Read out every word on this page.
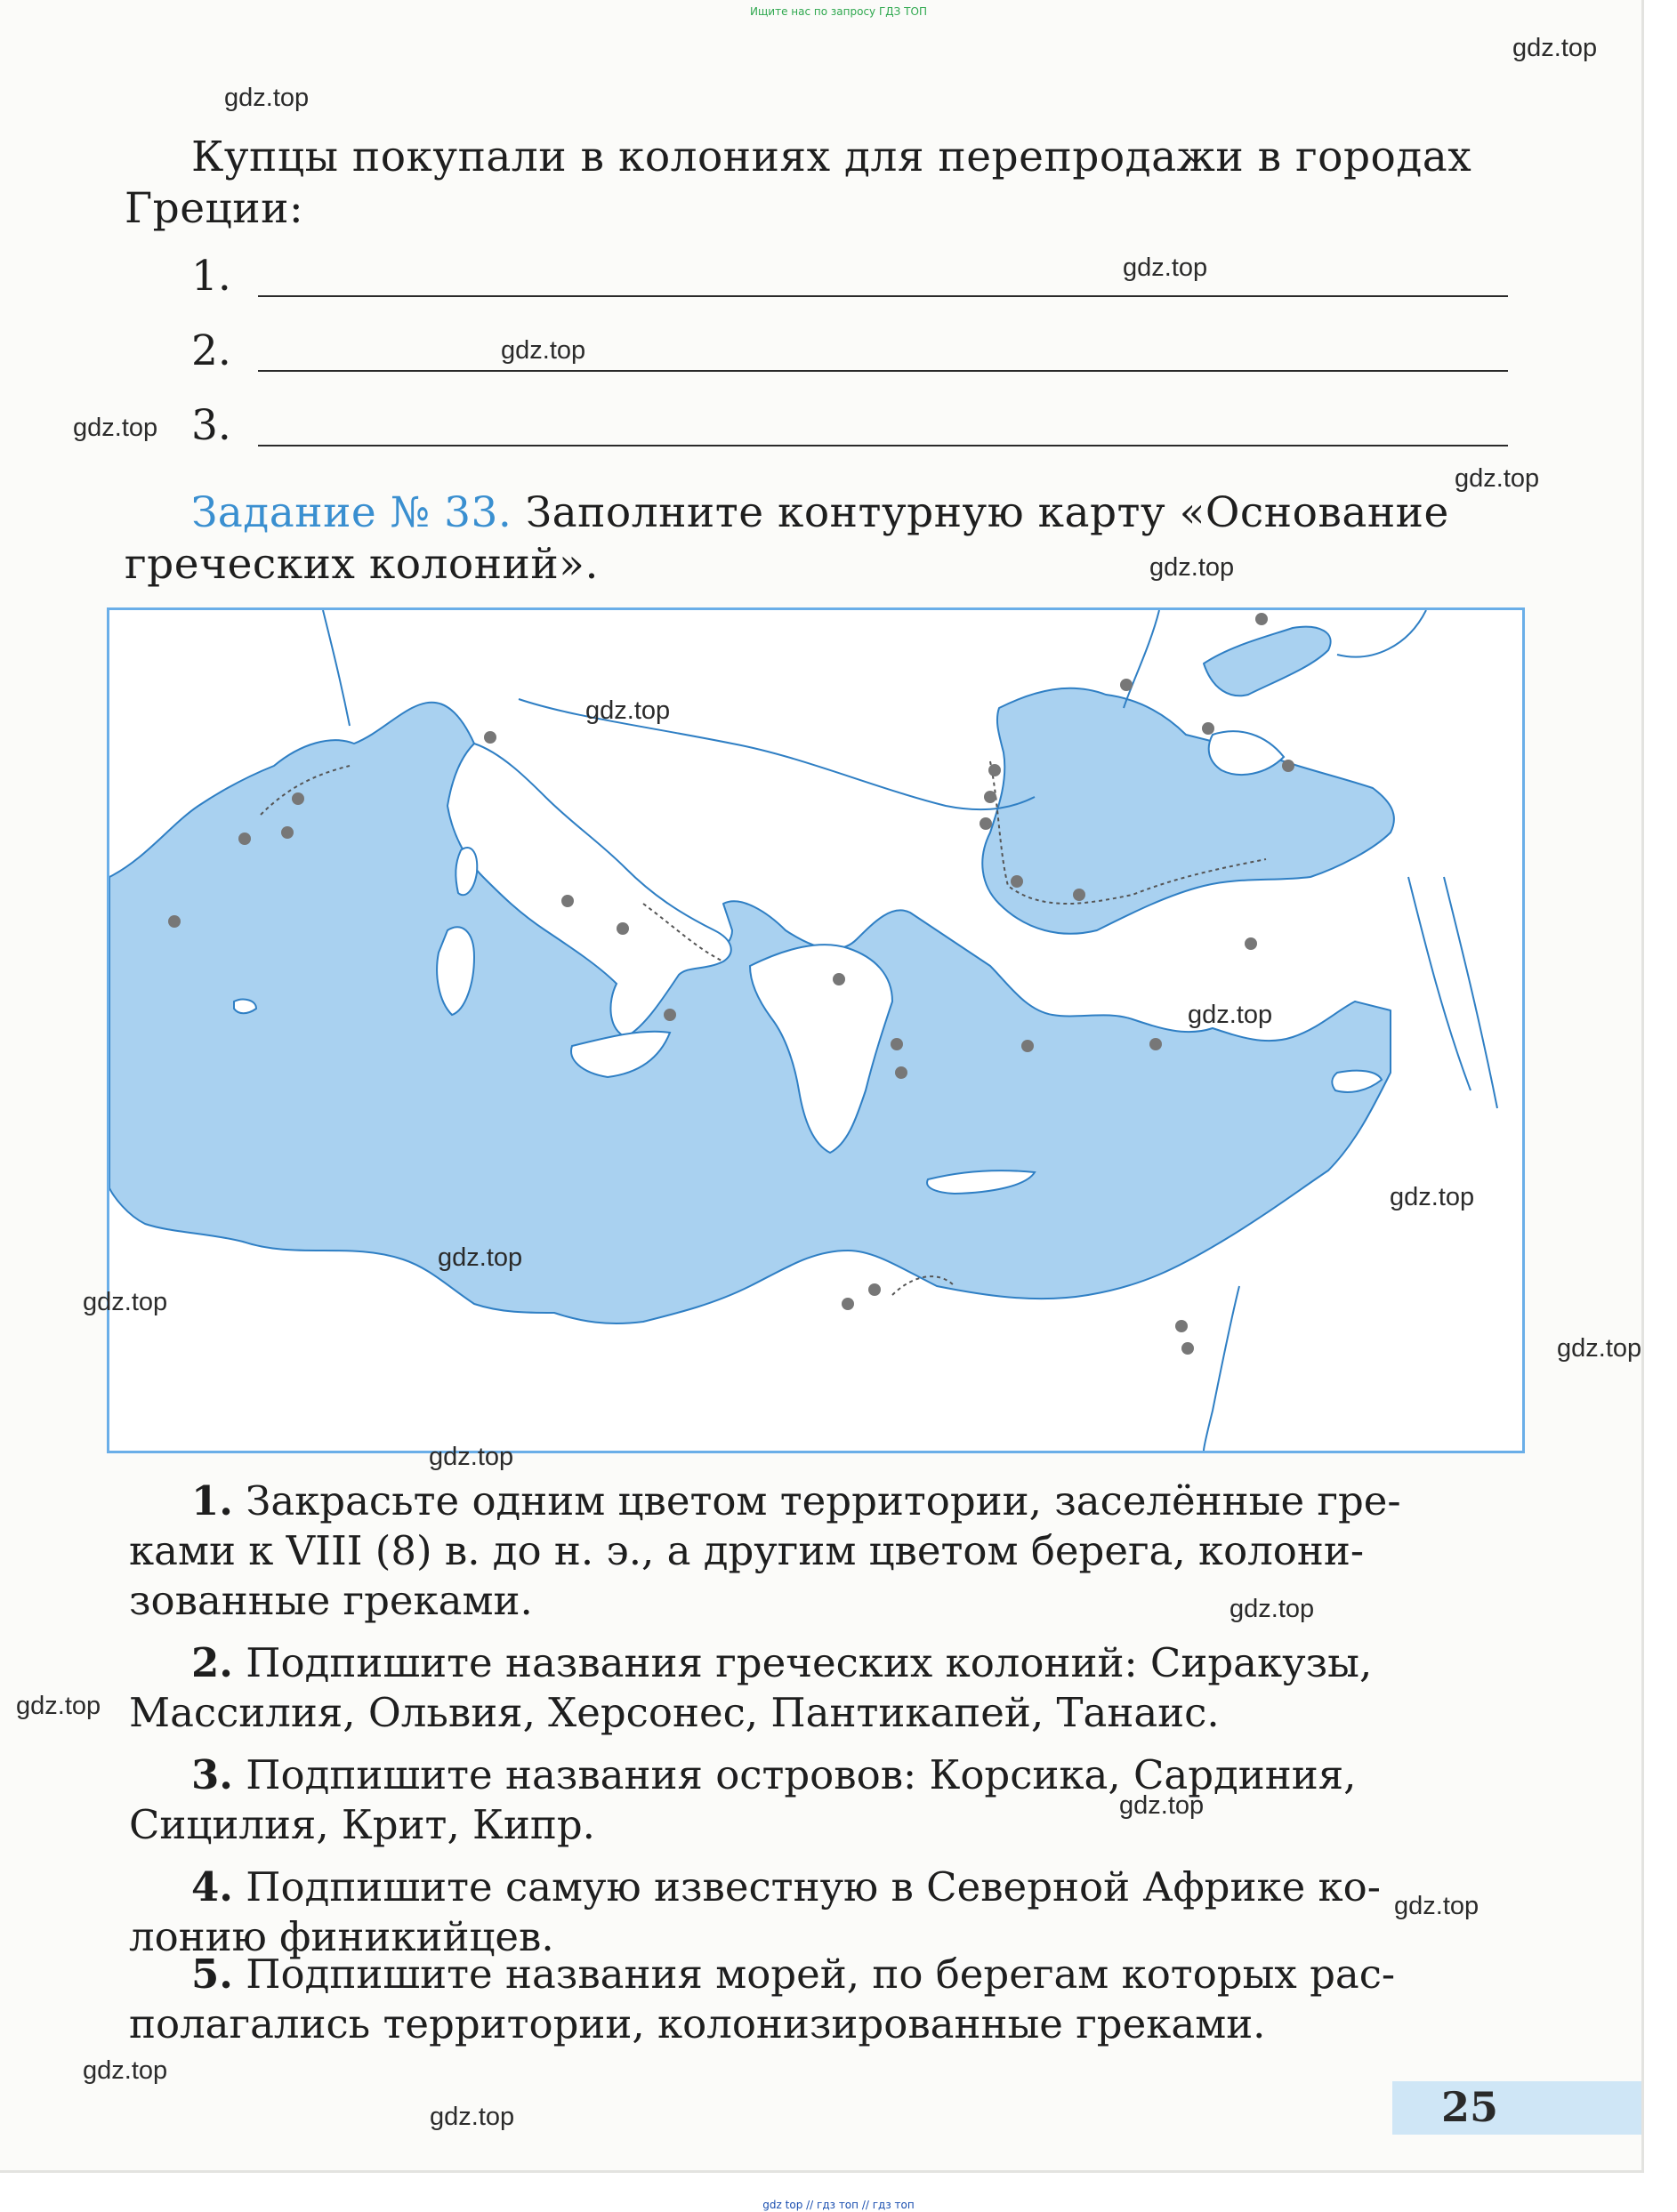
Ищите нас по запросу ГДЗ ТОП
Купцы покупали в колониях для перепродажи в городах
Греции:
1.
2.
3.
Задание № 33. Заполните контурную карту «Основание
греческих колоний».
1. Закрасьте одним цветом территории, заселённые гре-
ками к VIII (8) в. до н. э., а другим цветом берега, колони-
зованные греками.
2. Подпишите названия греческих колоний: Сиракузы,
Массилия, Ольвия, Херсонес, Пантикапей, Танаис.
3. Подпишите названия островов: Корсика, Сардиния,
Сицилия, Крит, Кипр.
4. Подпишите самую известную в Северной Африке ко-
лонию финикийцев.
5. Подпишите названия морей, по берегам которых рас-
полагались территории, колонизированные греками.
25
gdz.top
gdz.top
gdz.top
gdz.top
gdz.top
gdz.top
gdz.top
gdz.top
gdz.top
gdz.top
gdz.top
gdz.top
gdz.top
gdz.top
gdz.top
gdz.top
gdz.top
gdz.top
gdz.top
gdz.top
gdz top // гдз топ // гдз топ
